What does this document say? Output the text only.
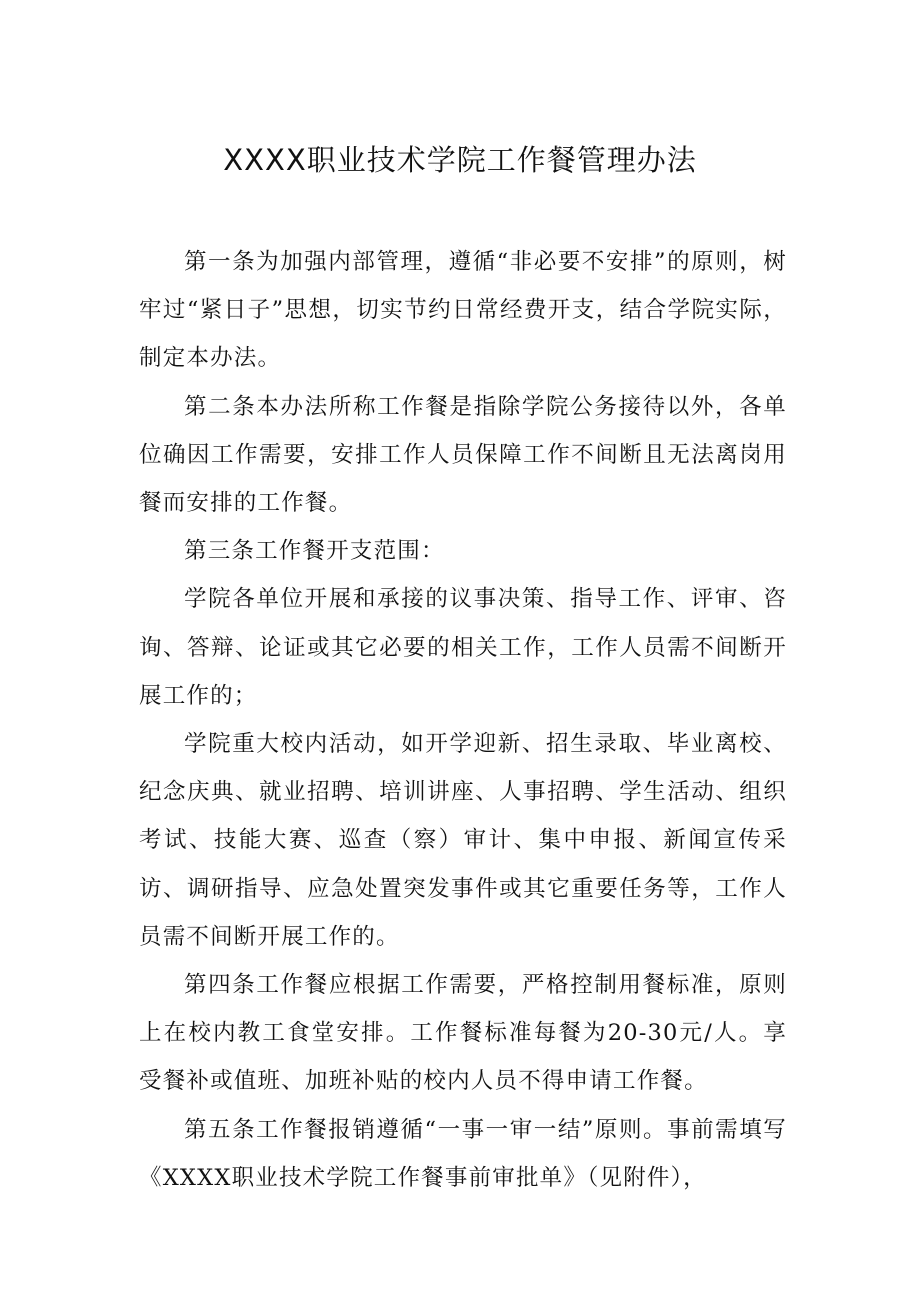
XXXX职业技术学院工作餐管理办法

第一条为加强内部管理，遵循“非必要不安排”的原则，树牢过“紧日子”思想，切实节约日常经费开支，结合学院实际，制定本办法。

第二条本办法所称工作餐是指除学院公务接待以外，各单位确因工作需要，安排工作人员保障工作不间断且无法离岗用餐而安排的工作餐。

第三条工作餐开支范围：

学院各单位开展和承接的议事决策、指导工作、评审、咨询、答辩、论证或其它必要的相关工作，工作人员需不间断开展工作的；

学院重大校内活动，如开学迎新、招生录取、毕业离校、纪念庆典、就业招聘、培训讲座、人事招聘、学生活动、组织考试、技能大赛、巡查（察）审计、集中申报、新闻宣传采访、调研指导、应急处置突发事件或其它重要任务等，工作人员需不间断开展工作的。

第四条工作餐应根据工作需要，严格控制用餐标准，原则上在校内教工食堂安排。工作餐标准每餐为20-30元/人。享受餐补或值班、加班补贴的校内人员不得申请工作餐。

第五条工作餐报销遵循“一事一审一结”原则。事前需填写《XXXX职业技术学院工作餐事前审批单》（见附件），
